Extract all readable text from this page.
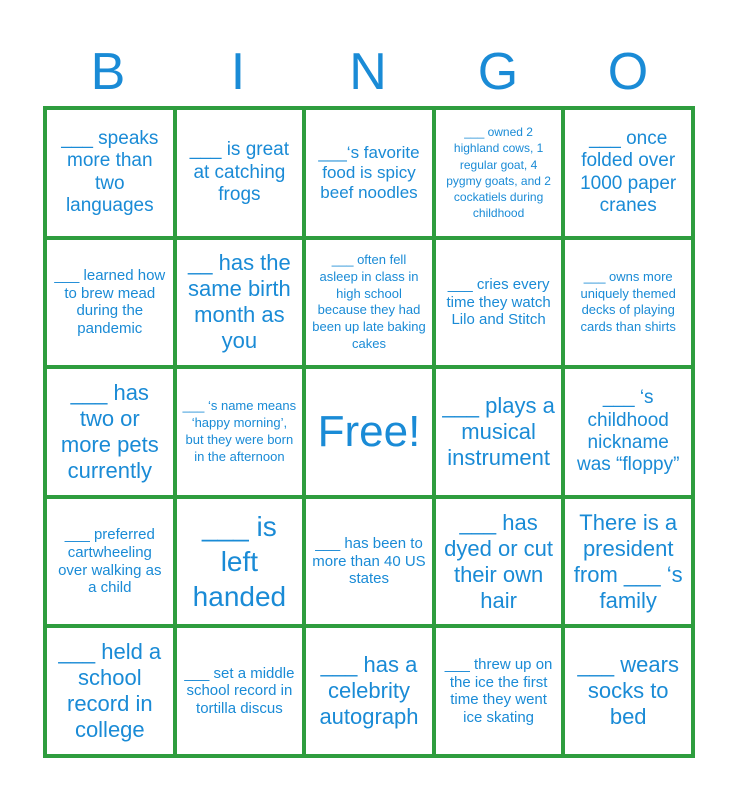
B	I	N	G	O
___ speaks more than two languages
___ is great at catching frogs
___‘s favorite food is spicy beef noodles
___ owned 2 highland cows, 1 regular goat, 4 pygmy goats, and 2 cockatiels during childhood
___ once folded over 1000 paper cranes
___ learned how to brew mead during the pandemic
__ has the same birth month as you
___ often fell asleep in class in high school because they had been up late baking cakes
___ cries every time they watch Lilo and Stitch
___ owns more uniquely themed decks of playing cards than shirts
___ has two or more pets currently
___ ‘s name means ‘happy morning’, but they were born in the afternoon
Free!
___ plays a musical instrument
___ ‘s childhood nickname was “floppy”
___ preferred cartwheeling over walking as a child
___ is left handed
___ has been to more than 40 US states
___ has dyed or cut their own hair
There is a president from ___ ‘s family
___ held a school record in college
___ set a middle school record in tortilla discus
___ has a celebrity autograph
___ threw up on the ice the first time they went ice skating
___ wears socks to bed
